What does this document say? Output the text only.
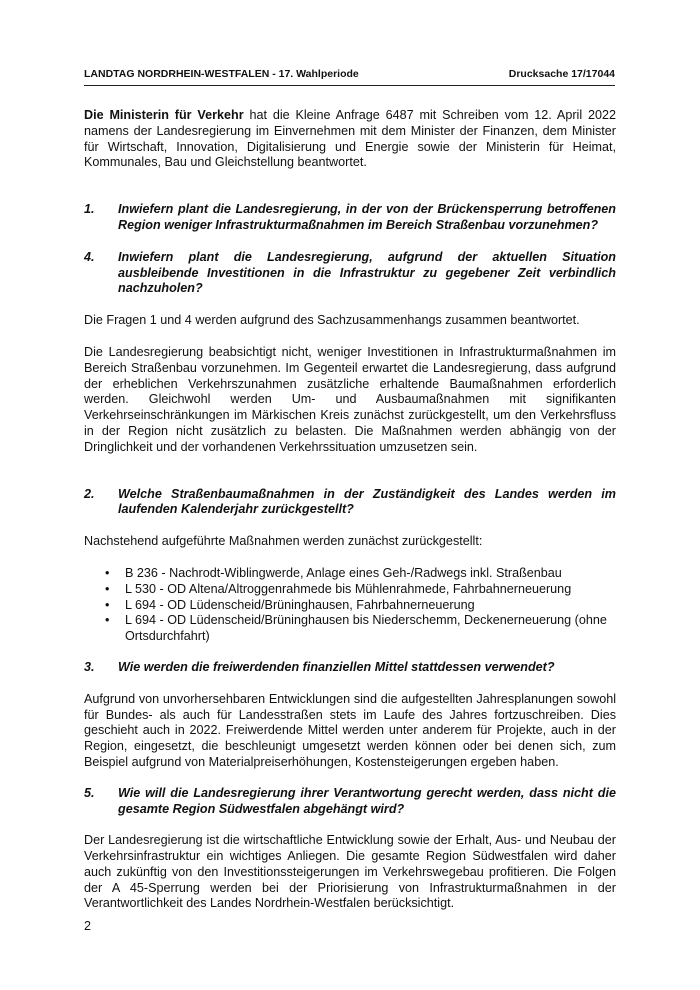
LANDTAG NORDRHEIN-WESTFALEN - 17. Wahlperiode	Drucksache 17/17044

Die Ministerin für Verkehr hat die Kleine Anfrage 6487 mit Schreiben vom 12. April 2022 namens der Landesregierung im Einvernehmen mit dem Minister der Finanzen, dem Minister für Wirtschaft, Innovation, Digitalisierung und Energie sowie der Ministerin für Heimat, Kommunales, Bau und Gleichstellung beantwortet.

1.	Inwiefern plant die Landesregierung, in der von der Brückensperrung betroffenen Region weniger Infrastrukturmaßnahmen im Bereich Straßenbau vorzunehmen?
4.	Inwiefern plant die Landesregierung, aufgrund der aktuellen Situation ausbleibende Investitionen in die Infrastruktur zu gegebener Zeit verbindlich nachzuholen?

Die Fragen 1 und 4 werden aufgrund des Sachzusammenhangs zusammen beantwortet.

Die Landesregierung beabsichtigt nicht, weniger Investitionen in Infrastrukturmaßnahmen im Bereich Straßenbau vorzunehmen. Im Gegenteil erwartet die Landesregierung, dass aufgrund der erheblichen Verkehrszunahmen zusätzliche erhaltende Baumaßnahmen erforderlich werden. Gleichwohl werden Um- und Ausbaumaßnahmen mit signifikanten Verkehrseinschränkungen im Märkischen Kreis zunächst zurückgestellt, um den Verkehrsfluss in der Region nicht zusätzlich zu belasten. Die Maßnahmen werden abhängig von der Dringlichkeit und der vorhandenen Verkehrssituation umzusetzen sein.

2.	Welche Straßenbaumaßnahmen in der Zuständigkeit des Landes werden im laufenden Kalenderjahr zurückgestellt?

Nachstehend aufgeführte Maßnahmen werden zunächst zurückgestellt:

•	B 236 - Nachrodt-Wiblingwerde, Anlage eines Geh-/Radwegs inkl. Straßenbau
•	L 530 - OD Altena/Altroggenrahmede bis Mühlenrahmede, Fahrbahnerneuerung
•	L 694 - OD Lüdenscheid/Brüninghausen, Fahrbahnerneuerung
•	L 694 - OD Lüdenscheid/Brüninghausen bis Niederschemm, Deckenerneuerung (ohne Ortsdurchfahrt)
3.	Wie werden die freiwerdenden finanziellen Mittel stattdessen verwendet?

Aufgrund von unvorhersehbaren Entwicklungen sind die aufgestellten Jahresplanungen sowohl für Bundes- als auch für Landesstraßen stets im Laufe des Jahres fortzuschreiben. Dies geschieht auch in 2022. Freiwerdende Mittel werden unter anderem für Projekte, auch in der Region, eingesetzt, die beschleunigt umgesetzt werden können oder bei denen sich, zum Beispiel aufgrund von Materialpreiserhöhungen, Kostensteigerungen ergeben haben.

5.	Wie will die Landesregierung ihrer Verantwortung gerecht werden, dass nicht die gesamte Region Südwestfalen abgehängt wird?

Der Landesregierung ist die wirtschaftliche Entwicklung sowie der Erhalt, Aus- und Neubau der Verkehrsinfrastruktur ein wichtiges Anliegen. Die gesamte Region Südwestfalen wird daher auch zukünftig von den Investitionssteigerungen im Verkehrswegebau profitieren. Die Folgen der A 45-Sperrung werden bei der Priorisierung von Infrastrukturmaßnahmen in der Verantwortlichkeit des Landes Nordrhein-Westfalen berücksichtigt.

2
